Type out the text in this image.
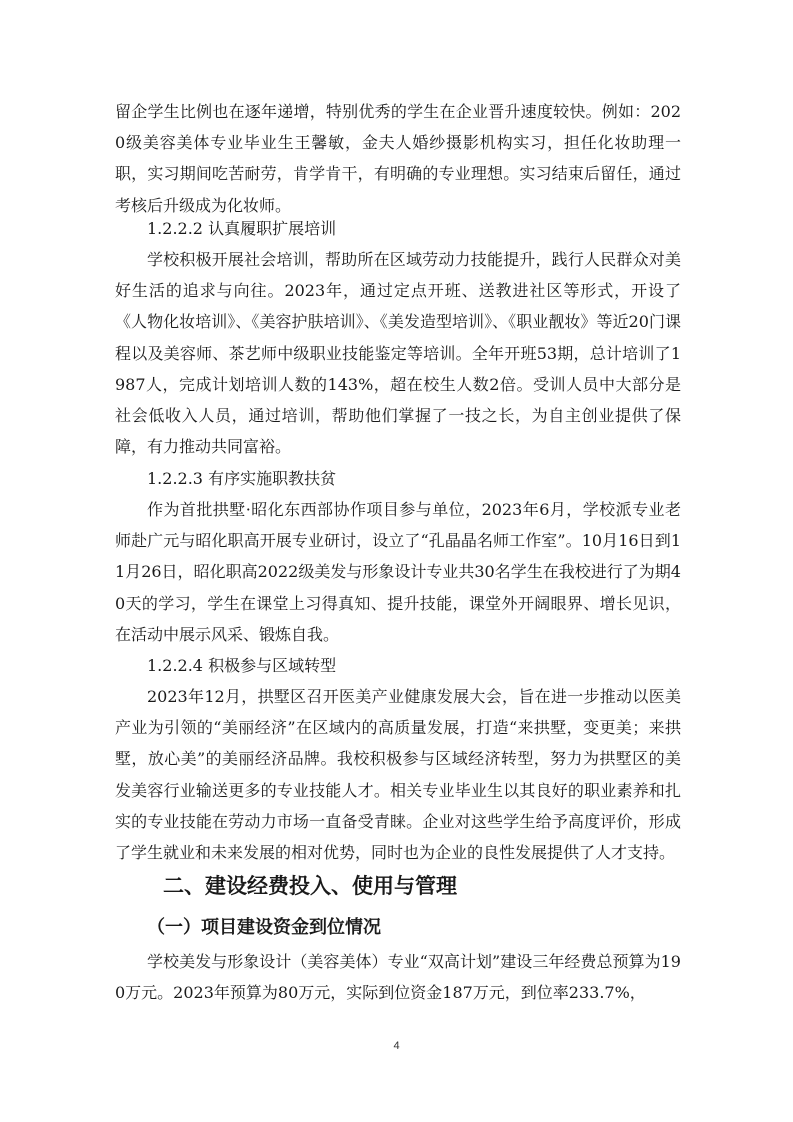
留企学生比例也在逐年递增，特别优秀的学生在企业晋升速度较快。例如：2020级美容美体专业毕业生王馨敏，金夫人婚纱摄影机构实习，担任化妆助理一职，实习期间吃苦耐劳，肯学肯干，有明确的专业理想。实习结束后留任，通过考核后升级成为化妆师。

1.2.2.2 认真履职扩展培训

学校积极开展社会培训，帮助所在区域劳动力技能提升，践行人民群众对美好生活的追求与向往。2023年，通过定点开班、送教进社区等形式，开设了《人物化妆培训》、《美容护肤培训》、《美发造型培训》、《职业靓妆》等近20门课程以及美容师、茶艺师中级职业技能鉴定等培训。全年开班53期，总计培训了1987人，完成计划培训人数的143%，超在校生人数2倍。受训人员中大部分是社会低收入人员，通过培训，帮助他们掌握了一技之长，为自主创业提供了保障，有力推动共同富裕。

1.2.2.3 有序实施职教扶贫

作为首批拱墅·昭化东西部协作项目参与单位，2023年6月，学校派专业老师赴广元与昭化职高开展专业研讨，设立了“孔晶晶名师工作室”。10月16日到11月26日，昭化职高2022级美发与形象设计专业共30名学生在我校进行了为期40天的学习，学生在课堂上习得真知、提升技能，课堂外开阔眼界、增长见识，在活动中展示风采、锻炼自我。

1.2.2.4 积极参与区域转型

2023年12月，拱墅区召开医美产业健康发展大会，旨在进一步推动以医美产业为引领的“美丽经济”在区域内的高质量发展，打造“来拱墅，变更美；来拱墅，放心美”的美丽经济品牌。我校积极参与区域经济转型，努力为拱墅区的美发美容行业输送更多的专业技能人才。相关专业毕业生以其良好的职业素养和扎实的专业技能在劳动力市场一直备受青睐。企业对这些学生给予高度评价，形成了学生就业和未来发展的相对优势，同时也为企业的良性发展提供了人才支持。

二、建设经费投入、使用与管理
（一）项目建设资金到位情况

学校美发与形象设计（美容美体）专业“双高计划”建设三年经费总预算为190万元。2023年预算为80万元，实际到位资金187万元，到位率233.7%，

4
